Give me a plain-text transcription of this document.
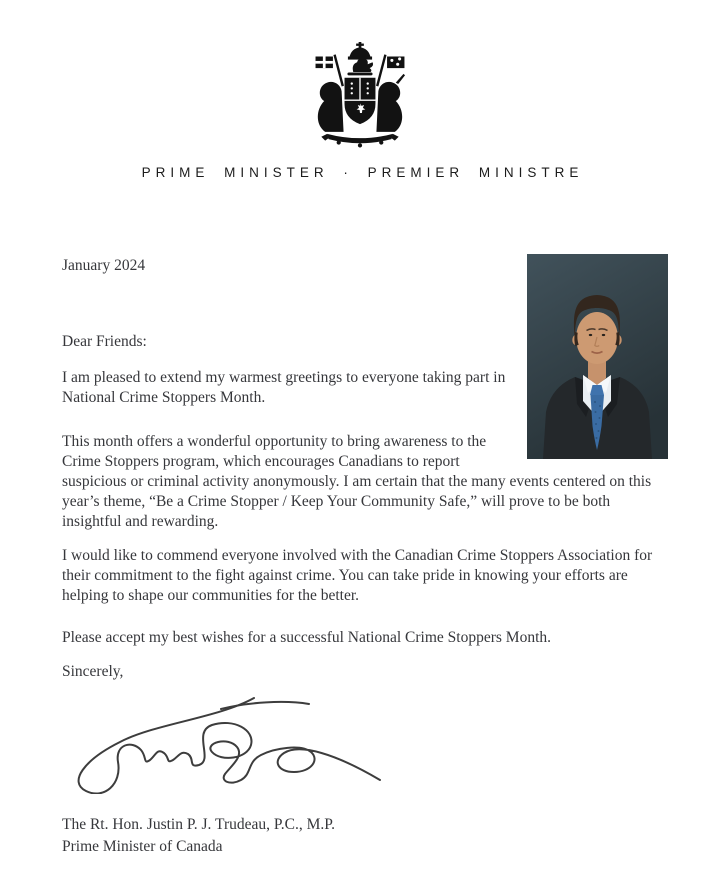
PRIME MINISTER · PREMIER MINISTRE

January 2024

Dear Friends:

I am pleased to extend my warmest greetings to everyone taking part in National Crime Stoppers Month.

This month offers a wonderful opportunity to bring awareness to the Crime Stoppers program, which encourages Canadians to report suspicious or criminal activity anonymously. I am certain that the many events centered on this year’s theme, “Be a Crime Stopper / Keep Your Community Safe,” will prove to be both insightful and rewarding.

I would like to commend everyone involved with the Canadian Crime Stoppers Association for their commitment to the fight against crime. You can take pride in knowing your efforts are helping to shape our communities for the better.

Please accept my best wishes for a successful National Crime Stoppers Month.

Sincerely,

The Rt. Hon. Justin P. J. Trudeau, P.C., M.P.

Prime Minister of Canada
